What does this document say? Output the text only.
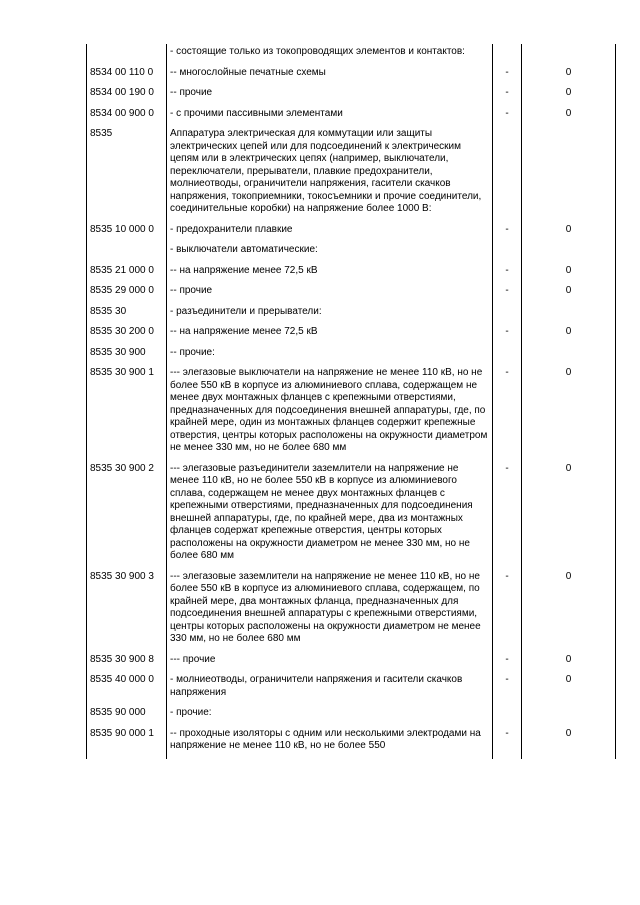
	- состоящие только из токопроводящих элементов и контактов:		
8534 00 110 0	-- многослойные печатные схемы	-	0
8534 00 190 0	-- прочие	-	0
8534 00 900 0	- с прочими пассивными элементами	-	0
8535	Аппаратура электрическая для коммутации или защиты электрических цепей или для подсоединений к электрическим цепям или в электрических цепях (например, выключатели, переключатели, прерыватели, плавкие предохранители, молниеотводы, ограничители напряжения, гасители скачков напряжения, токоприемники, токосъемники и прочие соединители, соединительные коробки) на напряжение более 1000 В:		
8535 10 000 0	- предохранители плавкие	-	0
	- выключатели автоматические:		
8535 21 000 0	-- на напряжение менее 72,5 кВ	-	0
8535 29 000 0	-- прочие	-	0
8535 30	- разъединители и прерыватели:		
8535 30 200 0	-- на напряжение менее 72,5 кВ	-	0
8535 30 900	-- прочие:		
8535 30 900 1	--- элегазовые выключатели на напряжение не менее 110 кВ, но не более 550 кВ в корпусе из алюминиевого сплава, содержащем не менее двух монтажных фланцев с крепежными отверстиями, предназначенных для подсоединения внешней аппаратуры, где, по крайней мере, один из монтажных фланцев содержит крепежные отверстия, центры которых расположены на окружности диаметром не менее 330 мм, но не более 680 мм	-	0
8535 30 900 2	--- элегазовые разъединители заземлители на напряжение не менее 110 кВ, но не более 550 кВ в корпусе из алюминиевого сплава, содержащем не менее двух монтажных фланцев с крепежными отверстиями, предназначенных для подсоединения внешней аппаратуры, где, по крайней мере, два из монтажных фланцев содержат крепежные отверстия, центры которых расположены на окружности диаметром не менее 330 мм, но не более 680 мм	-	0
8535 30 900 3	--- элегазовые заземлители на напряжение не менее 110 кВ, но не более 550 кВ в корпусе из алюминиевого сплава, содержащем, по крайней мере, два монтажных фланца, предназначенных для подсоединения внешней аппаратуры с крепежными отверстиями, центры которых расположены на окружности диаметром не менее 330 мм, но не более 680 мм	-	0
8535 30 900 8	--- прочие	-	0
8535 40 000 0	- молниеотводы, ограничители напряжения и гасители скачков напряжения	-	0
8535 90 000	- прочие:		
8535 90 000 1	-- проходные изоляторы с одним или несколькими электродами на напряжение не менее 110 кВ, но не более 550	-	0
